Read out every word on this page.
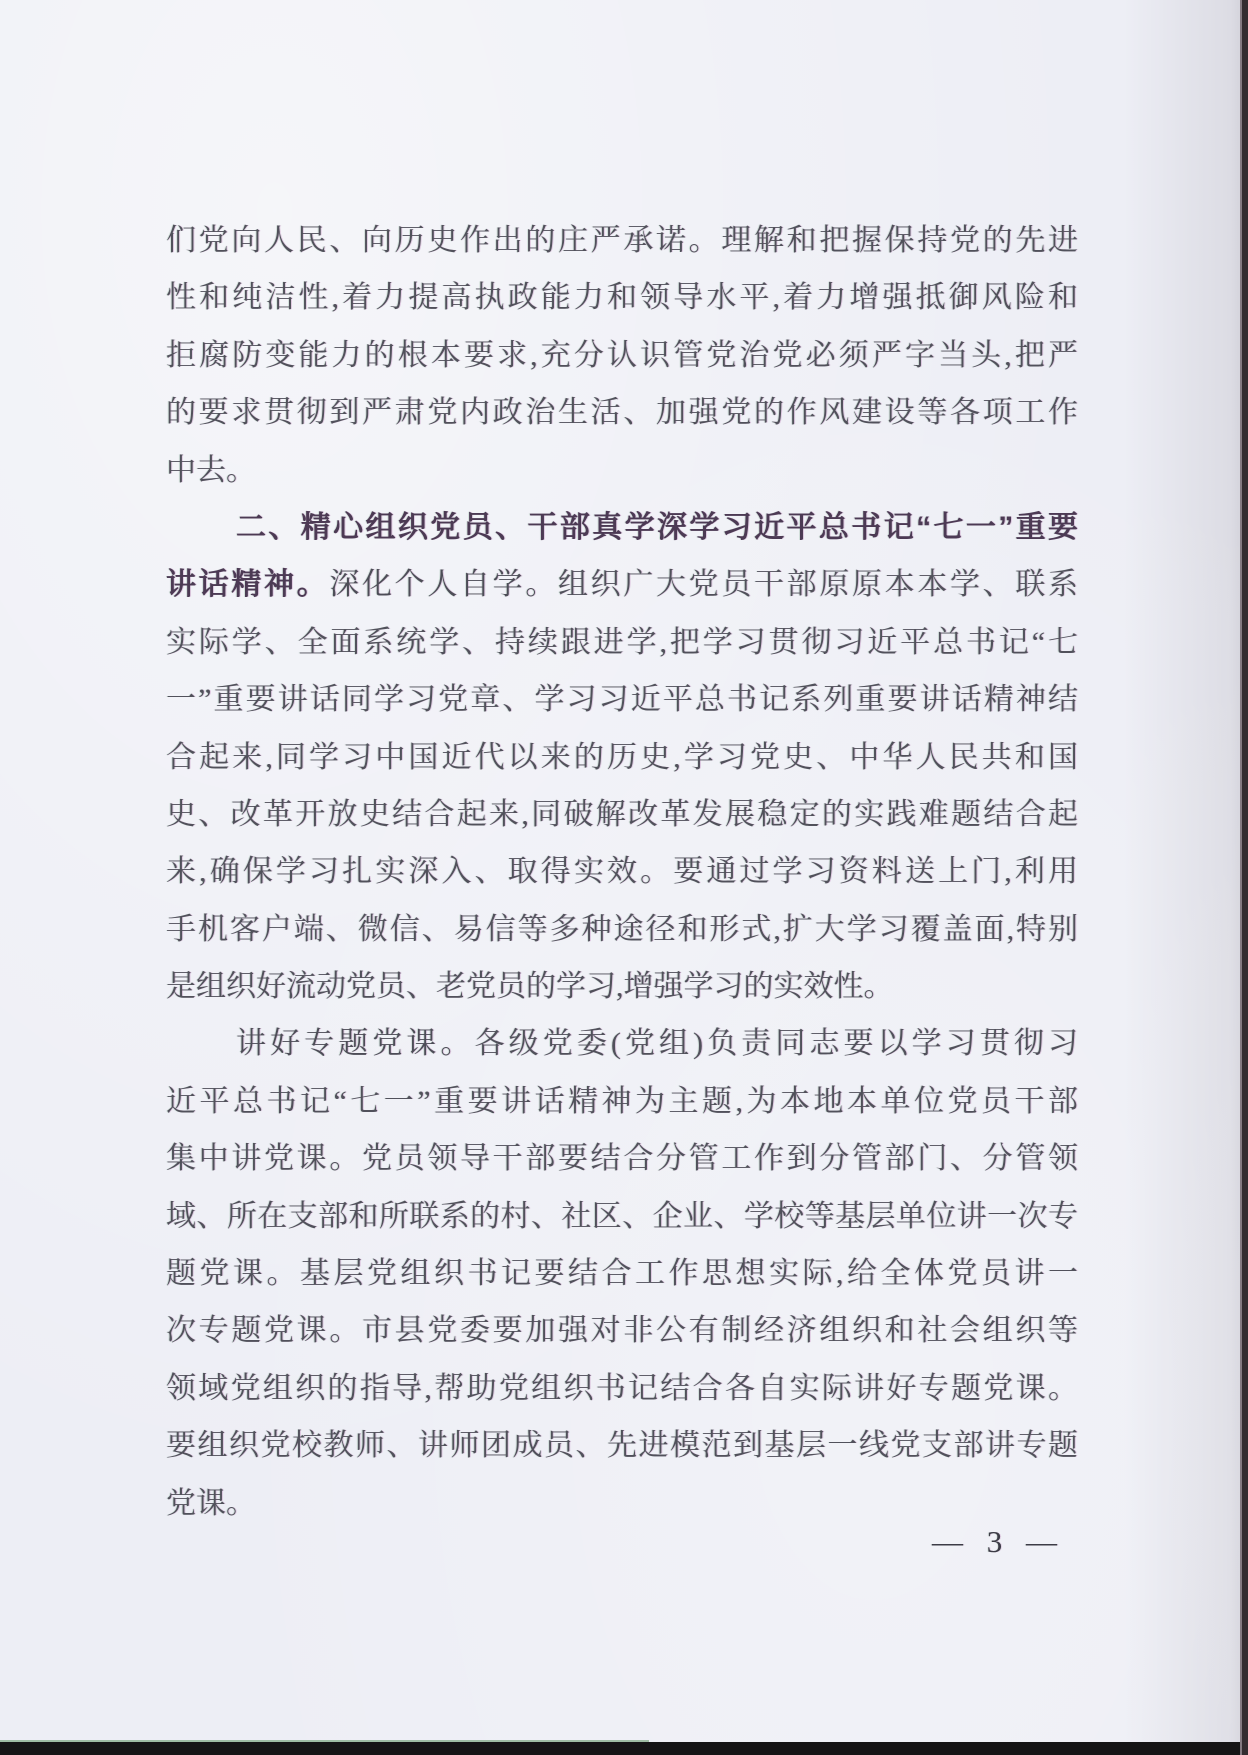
们党向人民、向历史作出的庄严承诺。理解和把握保持党的先进
性和纯洁性,着力提高执政能力和领导水平,着力增强抵御风险和
拒腐防变能力的根本要求,充分认识管党治党必须严字当头,把严
的要求贯彻到严肃党内政治生活、加强党的作风建设等各项工作
中去。
二、精心组织党员、干部真学深学习近平总书记“七一”重要
讲话精神。深化个人自学。组织广大党员干部原原本本学、联系
实际学、全面系统学、持续跟进学,把学习贯彻习近平总书记“七
一”重要讲话同学习党章、学习习近平总书记系列重要讲话精神结
合起来,同学习中国近代以来的历史,学习党史、中华人民共和国
史、改革开放史结合起来,同破解改革发展稳定的实践难题结合起
来,确保学习扎实深入、取得实效。要通过学习资料送上门,利用
手机客户端、微信、易信等多种途径和形式,扩大学习覆盖面,特别
是组织好流动党员、老党员的学习,增强学习的实效性。
讲好专题党课。各级党委(党组)负责同志要以学习贯彻习
近平总书记“七一”重要讲话精神为主题,为本地本单位党员干部
集中讲党课。党员领导干部要结合分管工作到分管部门、分管领
域、所在支部和所联系的村、社区、企业、学校等基层单位讲一次专
题党课。基层党组织书记要结合工作思想实际,给全体党员讲一
次专题党课。市县党委要加强对非公有制经济组织和社会组织等
领域党组织的指导,帮助党组织书记结合各自实际讲好专题党课。
要组织党校教师、讲师团成员、先进模范到基层一线党支部讲专题
党课。
— 3 —
